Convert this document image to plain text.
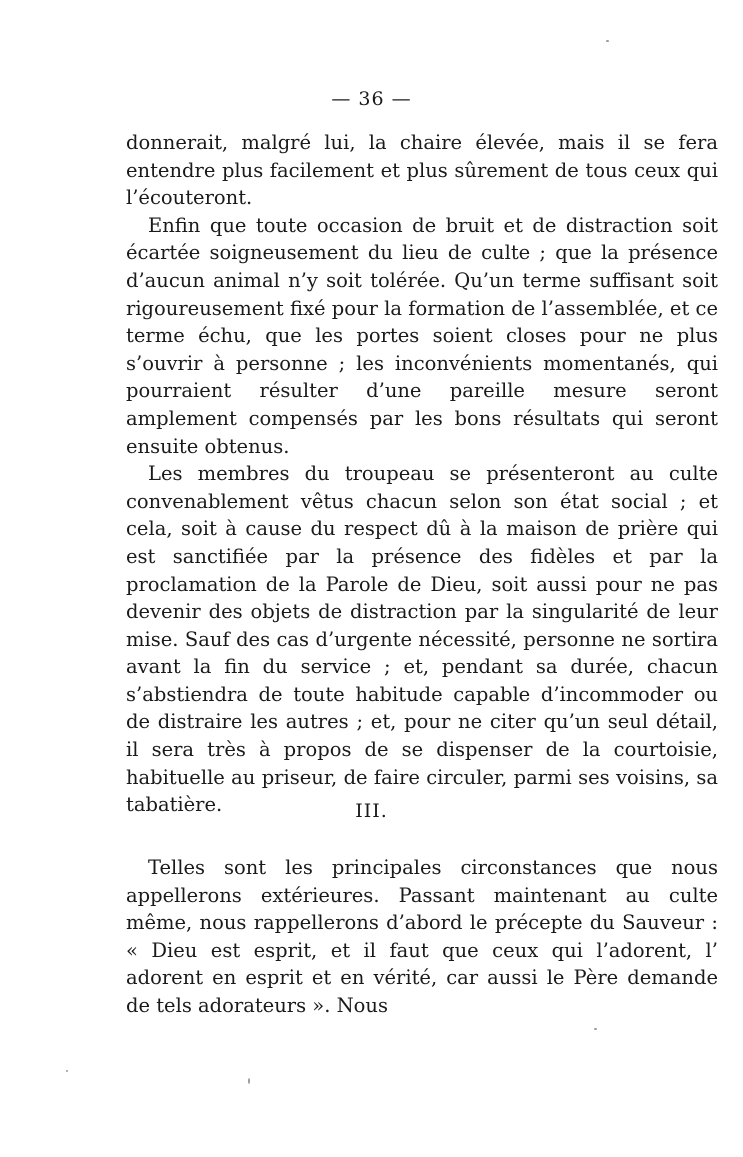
— 36 —

donnerait, malgré lui, la chaire élevée, mais il se fera entendre plus facilement et plus sûrement de tous ceux qui l’écouteront.

Enfin que toute occasion de bruit et de distraction soit écartée soigneusement du lieu de culte ; que la présence d’aucun animal n’y soit tolérée. Qu’un terme suffisant soit rigoureusement fixé pour la formation de l’assemblée, et ce terme échu, que les portes soient closes pour ne plus s’ouvrir à personne ; les inconvénients momentanés, qui pourraient résulter d’une pareille mesure seront amplement compensés par les bons résultats qui seront ensuite obtenus.

Les membres du troupeau se présenteront au culte convenablement vêtus chacun selon son état social ; et cela, soit à cause du respect dû à la maison de prière qui est sanctifiée par la présence des fidèles et par la proclamation de la Parole de Dieu, soit aussi pour ne pas devenir des objets de distraction par la singularité de leur mise. Sauf des cas d’urgente nécessité, personne ne sortira avant la fin du service ; et, pendant sa durée, chacun s’abstiendra de toute habitude capable d’incommoder ou de distraire les autres ; et, pour ne citer qu’un seul détail, il sera très à propos de se dispenser de la courtoisie, habituelle au priseur, de faire circuler, parmi ses voisins, sa tabatière.	III.

Telles sont les principales circonstances que nous appellerons extérieures. Passant maintenant au culte même, nous rappellerons d’abord le précepte du Sauveur : « Dieu est esprit, et il faut que ceux qui l’adorent, l’ adorent en esprit et en vérité, car aussi le Père demande de tels adorateurs ». Nous
